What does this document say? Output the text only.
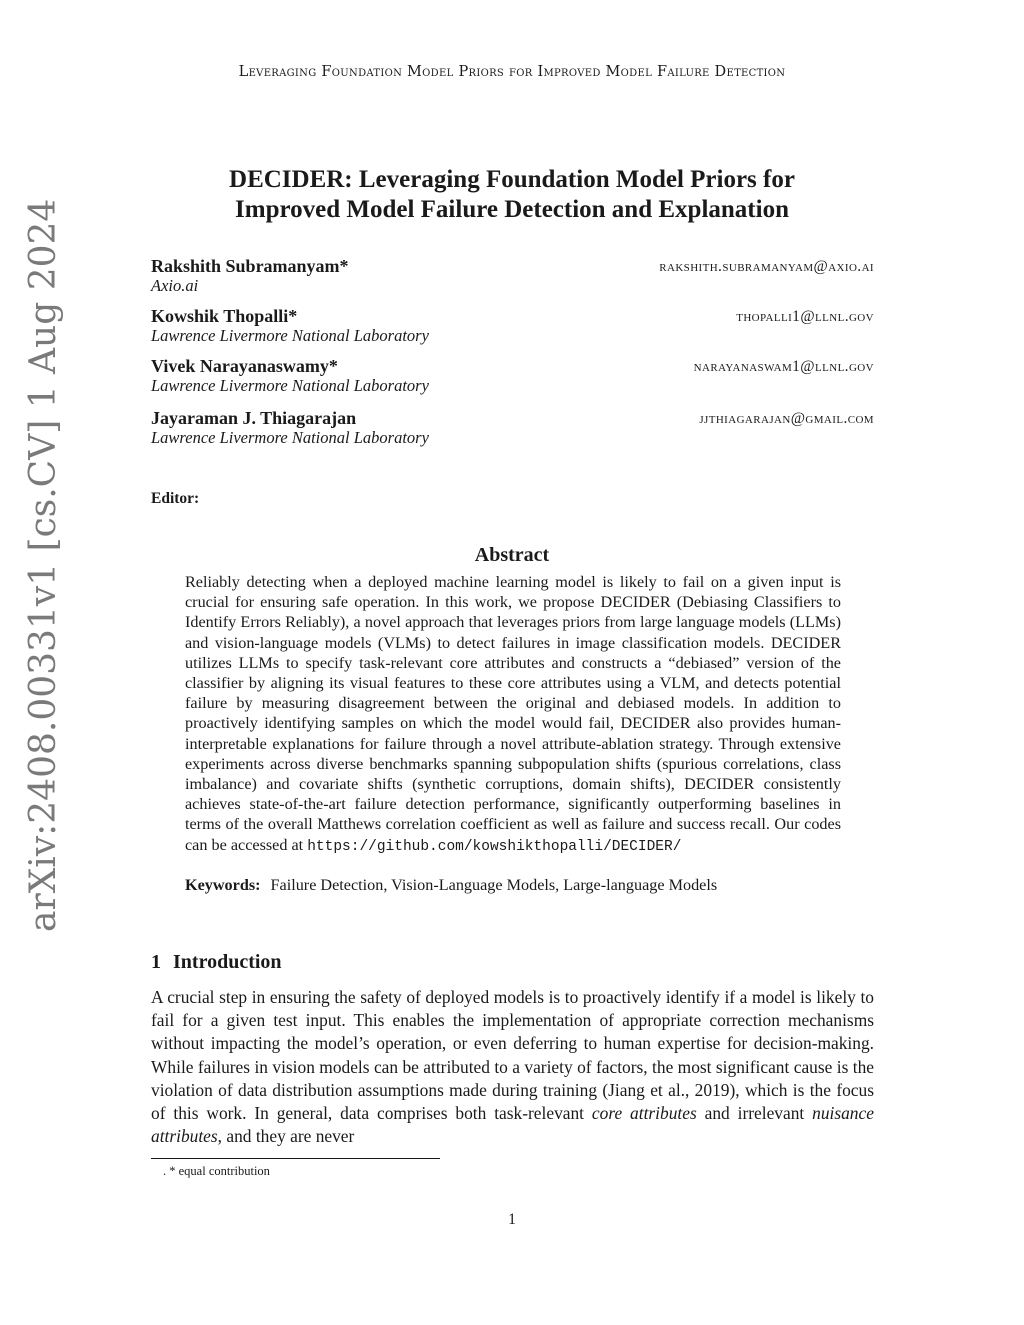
Leveraging Foundation Model Priors for Improved Model Failure Detection
arXiv:2408.00331v1 [cs.CV] 1 Aug 2024
DECIDER: Leveraging Foundation Model Priors for
Improved Model Failure Detection and Explanation
Rakshith Subramanyam*	rakshith.subramanyam@axio.ai
Axio.ai
Kowshik Thopalli*	thopalli1@llnl.gov
Lawrence Livermore National Laboratory
Vivek Narayanaswamy*	narayanaswam1@llnl.gov
Lawrence Livermore National Laboratory
Jayaraman J. Thiagarajan	jjthiagarajan@gmail.com
Lawrence Livermore National Laboratory
Editor:
Abstract
Reliably detecting when a deployed machine learning model is likely to fail on a given input is crucial for ensuring safe operation. In this work, we propose DECIDER (Debiasing Classifiers to Identify Errors Reliably), a novel approach that leverages priors from large language models (LLMs) and vision-language models (VLMs) to detect failures in image classification models. DECIDER utilizes LLMs to specify task-relevant core attributes and constructs a “debiased” version of the classifier by aligning its visual features to these core attributes using a VLM, and detects potential failure by measuring disagreement between the original and debiased models. In addition to proactively identifying samples on which the model would fail, DECIDER also provides human-interpretable explanations for failure through a novel attribute-ablation strategy. Through extensive experiments across diverse benchmarks spanning subpopulation shifts (spurious correlations, class imbalance) and covariate shifts (synthetic corruptions, domain shifts), DECIDER consistently achieves state-of-the-art failure detection performance, significantly outperforming baselines in terms of the overall Matthews correlation coefficient as well as failure and success recall. Our codes can be accessed at https://github.com/kowshikthopalli/DECIDER/
Keywords: Failure Detection, Vision-Language Models, Large-language Models
1 Introduction
A crucial step in ensuring the safety of deployed models is to proactively identify if a model is likely to fail for a given test input. This enables the implementation of appropriate correction mechanisms without impacting the model’s operation, or even deferring to human expertise for decision-making. While failures in vision models can be attributed to a variety of factors, the most significant cause is the violation of data distribution assumptions made during training (Jiang et al., 2019), which is the focus of this work. In general, data comprises both task-relevant core attributes and irrelevant nuisance attributes, and they are never
. * equal contribution
1
